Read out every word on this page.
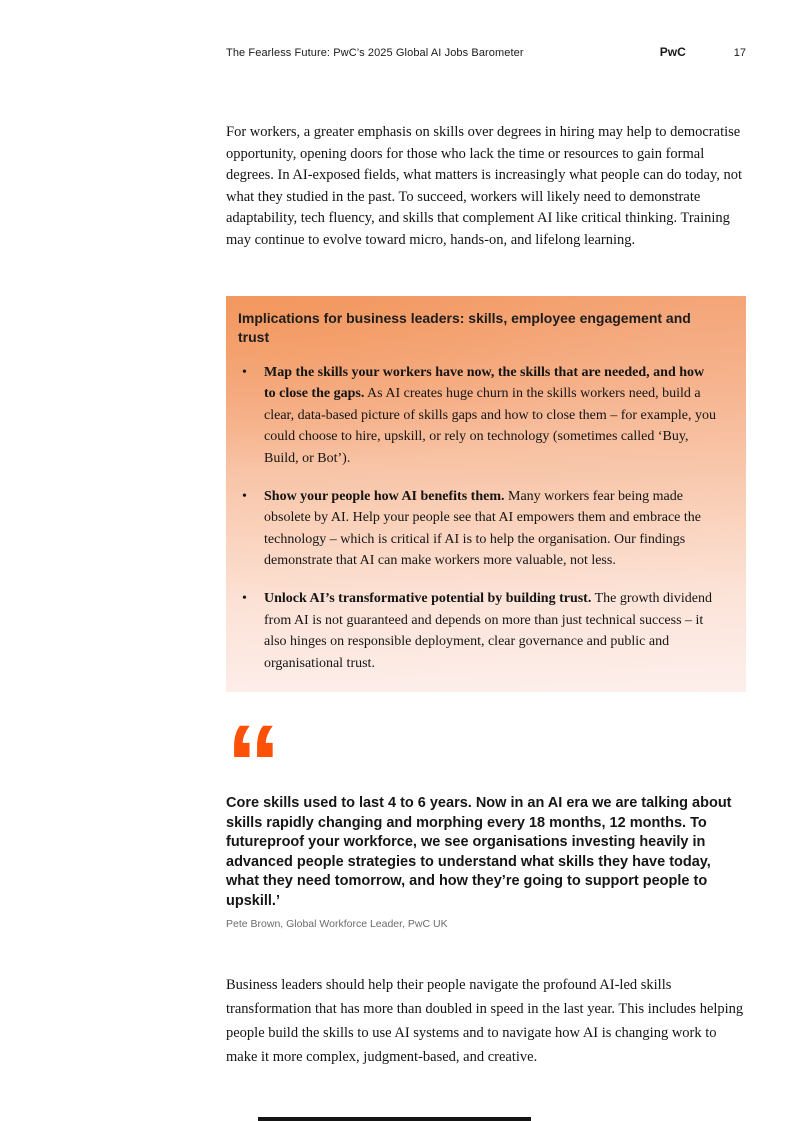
The Fearless Future: PwC’s 2025 Global AI Jobs Barometer	PwC	17

For workers, a greater emphasis on skills over degrees in hiring may help to democratise opportunity, opening doors for those who lack the time or resources to gain formal degrees. In AI-exposed fields, what matters is increasingly what people can do today, not what they studied in the past. To succeed, workers will likely need to demonstrate adaptability, tech fluency, and skills that complement AI like critical thinking. Training may continue to evolve toward micro, hands-on, and lifelong learning.

Implications for business leaders: skills, employee engagement and trust
• Map the skills your workers have now, the skills that are needed, and how to close the gaps. As AI creates huge churn in the skills workers need, build a clear, data-based picture of skills gaps and how to close them – for example, you could choose to hire, upskill, or rely on technology (sometimes called ‘Buy, Build, or Bot’).
• Show your people how AI benefits them. Many workers fear being made obsolete by AI. Help your people see that AI empowers them and embrace the technology – which is critical if AI is to help the organisation. Our findings demonstrate that AI can make workers more valuable, not less.
• Unlock AI’s transformative potential by building trust. The growth dividend from AI is not guaranteed and depends on more than just technical success – it also hinges on responsible deployment, clear governance and public and organisational trust.
“

Core skills used to last 4 to 6 years. Now in an AI era we are talking about skills rapidly changing and morphing every 18 months, 12 months. To futureproof your workforce, we see organisations investing heavily in advanced people strategies to understand what skills they have today, what they need tomorrow, and how they’re going to support people to upskill.’

Pete Brown, Global Workforce Leader, PwC UK

Business leaders should help their people navigate the profound AI-led skills transformation that has more than doubled in speed in the last year. This includes helping people build the skills to use AI systems and to navigate how AI is changing work to make it more complex, judgment-based, and creative.
